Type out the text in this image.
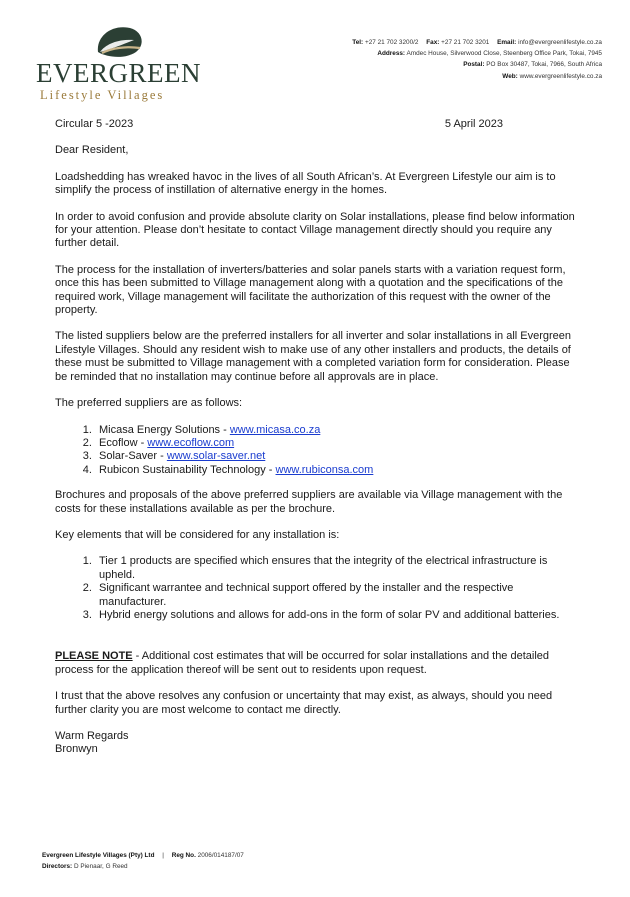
EVERGREEN
Lifestyle Villages
Tel: +27 21 702 3200/2 Fax: +27 21 702 3201 Email: info@evergreenlifestyle.co.za
Address: Amdec House, Silverwood Close, Steenberg Office Park, Tokai, 7945
Postal: PO Box 30487, Tokai, 7966, South Africa
Web: www.evergreenlifestyle.co.za
Circular 5 -2023	5 April 2023

Dear Resident,

Loadshedding has wreaked havoc in the lives of all South African’s. At Evergreen Lifestyle our aim is to simplify the process of instillation of alternative energy in the homes.

In order to avoid confusion and provide absolute clarity on Solar installations, please find below information for your attention. Please don’t hesitate to contact Village management directly should you require any further detail.

The process for the installation of inverters/batteries and solar panels starts with a variation request form, once this has been submitted to Village management along with a quotation and the specifications of the required work, Village management will facilitate the authorization of this request with the owner of the property.

The listed suppliers below are the preferred installers for all inverter and solar installations in all Evergreen Lifestyle Villages. Should any resident wish to make use of any other installers and products, the details of these must be submitted to Village management with a completed variation form for consideration. Please be reminded that no installation may continue before all approvals are in place.

The preferred suppliers are as follows:

1. Micasa Energy Solutions - www.micasa.co.za
2. Ecoflow - www.ecoflow.com
3. Solar-Saver - www.solar-saver.net
4. Rubicon Sustainability Technology - www.rubiconsa.com

Brochures and proposals of the above preferred suppliers are available via Village management with the costs for these installations available as per the brochure.

Key elements that will be considered for any installation is:

1. Tier 1 products are specified which ensures that the integrity of the electrical infrastructure is upheld.
2. Significant warrantee and technical support offered by the installer and the respective manufacturer.
3. Hybrid energy solutions and allows for add-ons in the form of solar PV and additional batteries.

PLEASE NOTE - Additional cost estimates that will be occurred for solar installations and the detailed process for the application thereof will be sent out to residents upon request.

I trust that the above resolves any confusion or uncertainty that may exist, as always, should you need further clarity you are most welcome to contact me directly.

Warm Regards
Bronwyn
Evergreen Lifestyle Villages (Pty) Ltd | Reg No. 2006/014187/07
Directors: D Pienaar, G Reed
